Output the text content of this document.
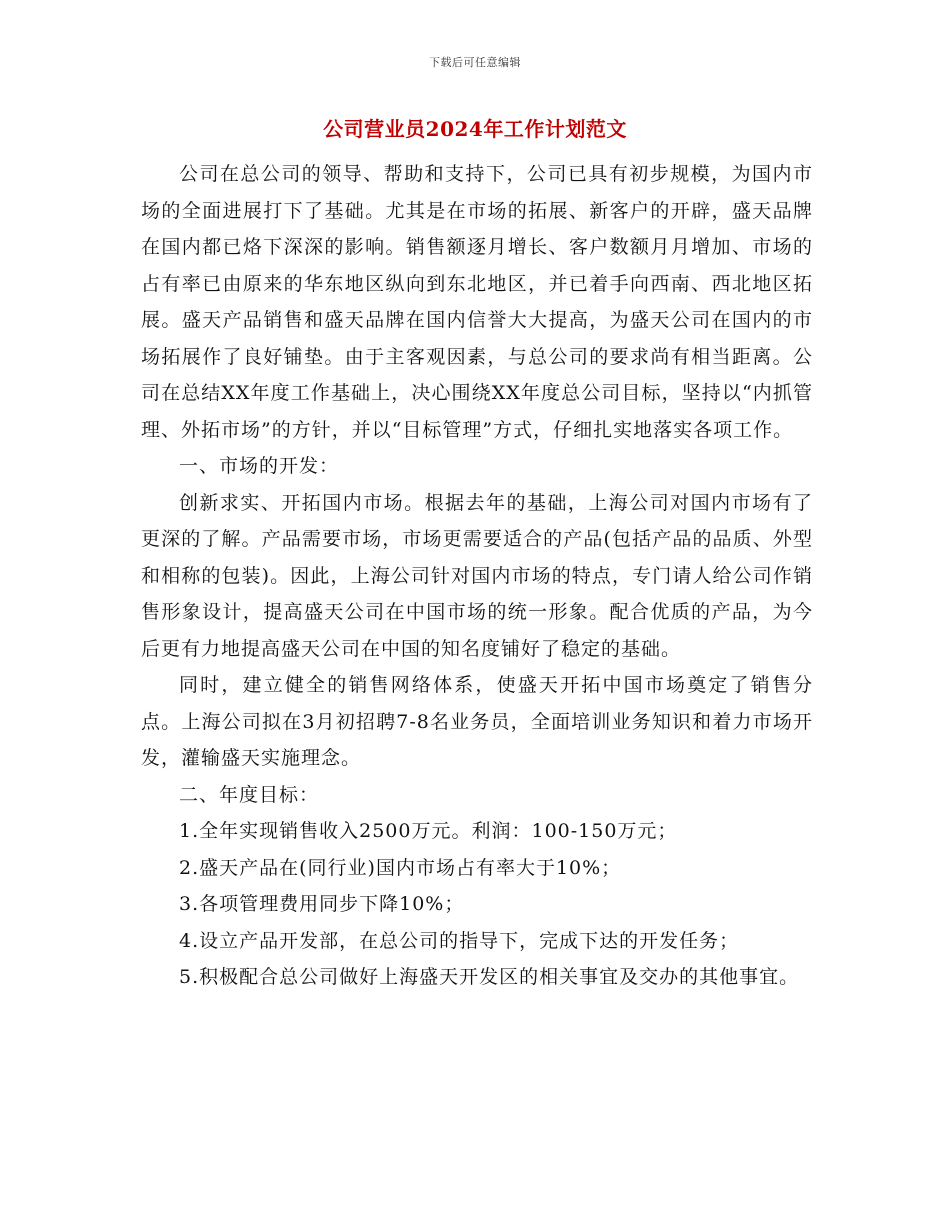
下载后可任意编辑
公司营业员2024年工作计划范文

公司在总公司的领导、帮助和支持下，公司已具有初步规模，为国内市场的全面进展打下了基础。尤其是在市场的拓展、新客户的开辟，盛天品牌在国内都已烙下深深的影响。销售额逐月增长、客户数额月月增加、市场的占有率已由原来的华东地区纵向到东北地区，并已着手向西南、西北地区拓展。盛天产品销售和盛天品牌在国内信誉大大提高，为盛天公司在国内的市场拓展作了良好铺垫。由于主客观因素，与总公司的要求尚有相当距离。公司在总结XX年度工作基础上，决心围绕XX年度总公司目标，坚持以“内抓管理、外拓市场”的方针，并以“目标管理”方式，仔细扎实地落实各项工作。

一、市场的开发：

创新求实、开拓国内市场。根据去年的基础，上海公司对国内市场有了更深的了解。产品需要市场，市场更需要适合的产品(包括产品的品质、外型和相称的包装)。因此，上海公司针对国内市场的特点，专门请人给公司作销售形象设计，提高盛天公司在中国市场的统一形象。配合优质的产品，为今后更有力地提高盛天公司在中国的知名度铺好了稳定的基础。

同时，建立健全的销售网络体系，使盛天开拓中国市场奠定了销售分点。上海公司拟在3月初招聘7-8名业务员，全面培训业务知识和着力市场开发，灌输盛天实施理念。

二、年度目标：

1.全年实现销售收入2500万元。利润：100-150万元；

2.盛天产品在(同行业)国内市场占有率大于10%；

3.各项管理费用同步下降10%；

4.设立产品开发部，在总公司的指导下，完成下达的开发任务；

5.积极配合总公司做好上海盛天开发区的相关事宜及交办的其他事宜。
